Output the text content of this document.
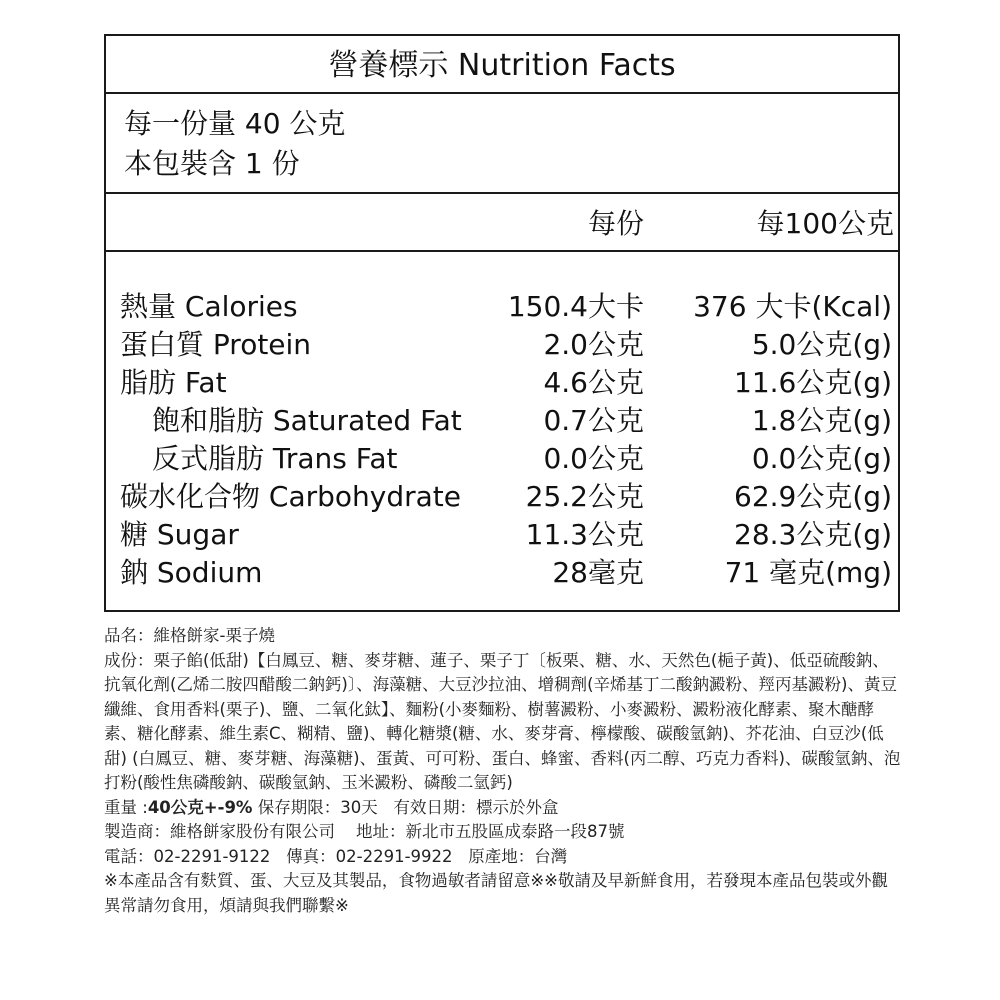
營養標示 Nutrition Facts
每一份量 40 公克
本包裝含 1 份
每份	每100公克
熱量 Calories	150.4大卡 376 大卡(Kcal)
蛋白質 Protein	2.0公克	5.0公克(g)
脂肪 Fat	4.6公克	11.6公克(g)
飽和脂肪 Saturated Fat	0.7公克	1.8公克(g)
反式脂肪 Trans Fat	0.0公克	0.0公克(g)
碳水化合物 Carbohydrate 25.2公克	62.9公克(g)
糖 Sugar	11.3公克	28.3公克(g)
鈉 Sodium	28毫克	71 毫克(mg)

品名：維格餅家-栗子燒

成份：栗子餡(低甜)【白鳳豆、糖、麥芽糖、蓮子、栗子丁〔板栗、糖、水、天然色(梔子黃)、低亞硫酸鈉、抗氧化劑(乙烯二胺四醋酸二鈉鈣)〕、海藻糖、大豆沙拉油、增稠劑(辛烯基丁二酸鈉澱粉、羥丙基澱粉)、黃豆纖維、食用香料(栗子)、鹽、二氧化鈦】、麵粉(小麥麵粉、樹薯澱粉、小麥澱粉、澱粉液化酵素、聚木醣酵素、糖化酵素、維生素C、糊精、鹽)、轉化糖漿(糖、水、麥芽膏、檸檬酸、碳酸氫鈉)、芥花油、白豆沙(低甜) (白鳳豆、糖、麥芽糖、海藻糖)、蛋黃、可可粉、蛋白、蜂蜜、香料(丙二醇、巧克力香料)、碳酸氫鈉、泡打粉(酸性焦磷酸鈉、碳酸氫鈉、玉米澱粉、磷酸二氫鈣)

重量 :40公克+-9% 保存期限：30天 有效日期：標示於外盒

製造商：維格餅家股份有限公司 地址：新北市五股區成泰路一段87號

電話：02-2291-9122 傳真：02-2291-9922 原產地：台灣

※本產品含有麩質、蛋、大豆及其製品，食物過敏者請留意※※敬請及早新鮮食用，若發現本產品包裝或外觀異常請勿食用，煩請與我們聯繫※
